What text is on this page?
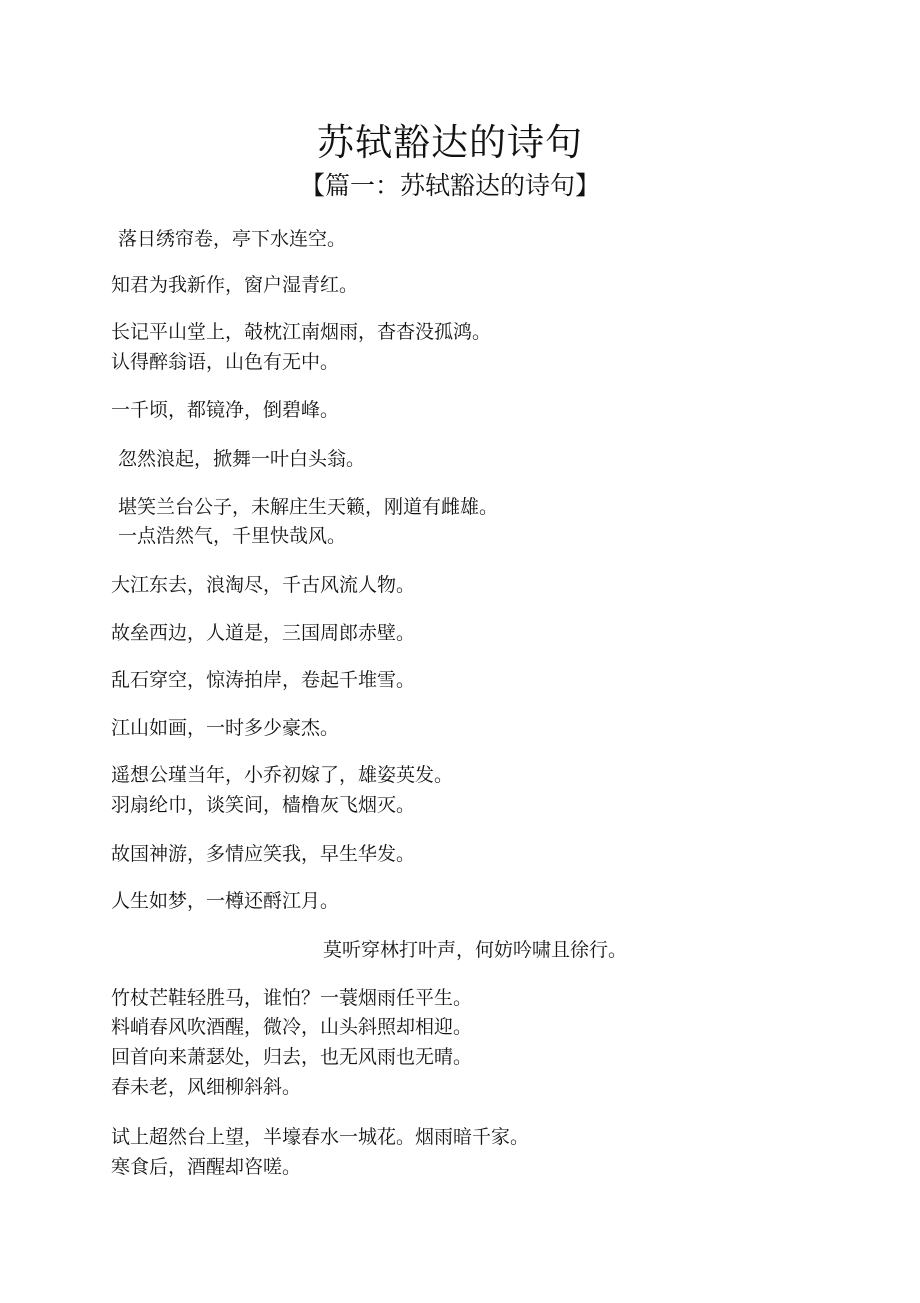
苏轼豁达的诗句
【篇一：苏轼豁达的诗句】
落日绣帘卷，亭下水连空。
知君为我新作，窗户湿青红。
长记平山堂上，攲枕江南烟雨，杳杳没孤鸿。
认得醉翁语，山色有无中。
一千顷，都镜净，倒碧峰。
忽然浪起，掀舞一叶白头翁。
堪笑兰台公子，未解庄生天籁，刚道有雌雄。
一点浩然气，千里快哉风。
大江东去，浪淘尽，千古风流人物。
故垒西边，人道是，三国周郎赤壁。
乱石穿空，惊涛拍岸，卷起千堆雪。
江山如画，一时多少豪杰。
遥想公瑾当年，小乔初嫁了，雄姿英发。
羽扇纶巾，谈笑间，樯橹灰飞烟灭。
故国神游，多情应笑我，早生华发。
人生如梦，一樽还酹江月。
莫听穿林打叶声，何妨吟啸且徐行。
竹杖芒鞋轻胜马，谁怕？一蓑烟雨任平生。
料峭春风吹酒醒，微冷，山头斜照却相迎。
回首向来萧瑟处，归去，也无风雨也无晴。
春未老，风细柳斜斜。
试上超然台上望，半壕春水一城花。烟雨暗千家。
寒食后，酒醒却咨嗟。
